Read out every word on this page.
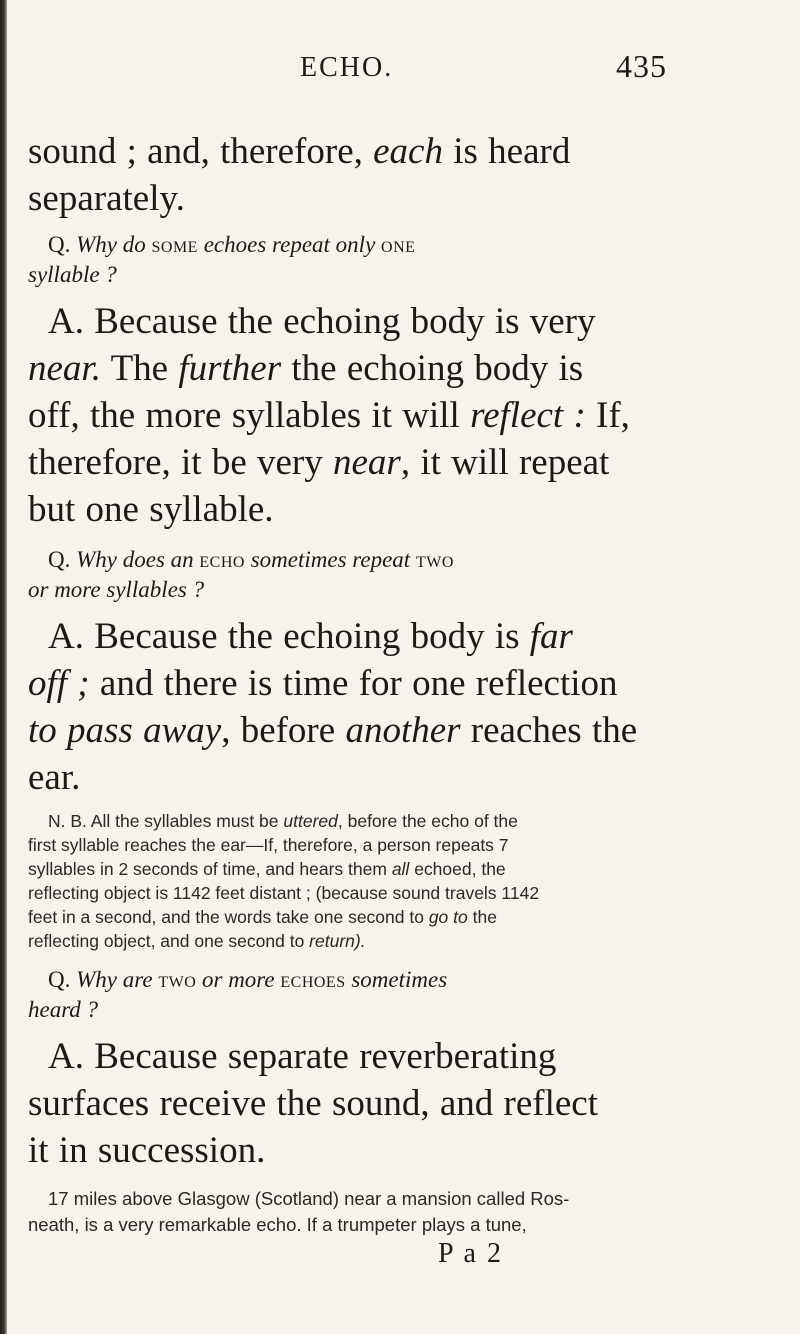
ECHO.	435
sound ; and, therefore, each is heard
separately.
Q. Why do some echoes repeat only one
syllable ?
A. Because the echoing body is very
near. The further the echoing body is
off, the more syllables it will reflect : If,
therefore, it be very near, it will repeat
but one syllable.
Q. Why does an echo sometimes repeat two
or more syllables ?
A. Because the echoing body is far
off ; and there is time for one reflection
to pass away, before another reaches the
ear.
N. B. All the syllables must be uttered, before the echo of the
first syllable reaches the ear—If, therefore, a person repeats 7
syllables in 2 seconds of time, and hears them all echoed, the
reflecting object is 1142 feet distant ; (because sound travels 1142
feet in a second, and the words take one second to go to the
reflecting object, and one second to return).
Q. Why are two or more echoes sometimes
heard ?
A. Because separate reverberating
surfaces receive the sound, and reflect
it in succession.
17 miles above Glasgow (Scotland) near a mansion called Ros-
neath, is a very remarkable echo. If a trumpeter plays a tune,
P a 2
